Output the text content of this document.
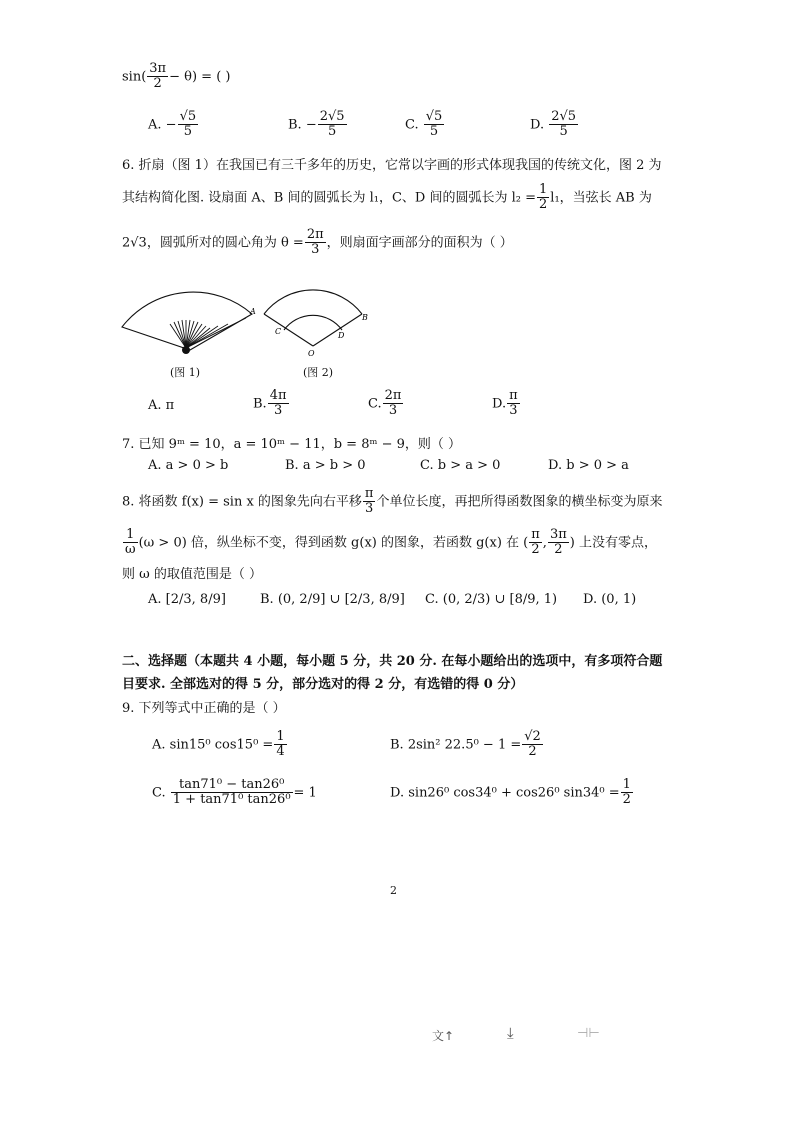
$\sin( \frac{3\pi}{2} - \theta)$ = ( )
A. − $\frac{√5}{5}$	B. − $\frac{2√5}{5}$	C. $\frac{√5}{5}$	D. $\frac{2√5}{5}$
6. 折扇（图 1）在我国已有三千多年的历史，它常以字画的形式体现我国的传统文化，图 2 为
其结构简化图. 设扇面 A、B 间的圆弧长为 l₁，C、D 间的圆弧长为 $l_2 = \frac{1}{2} l_1$，当弦长 AB 为
2√3，圆弧所对的圆心角为 $\theta = \frac{2\pi}{3}$ ，则扇面字画部分的面积为（ ）
A
B
C	D
O
(图 1)	(图 2)
A. π	B. $\frac{4\pi}{3}$	C. $\frac{2\pi}{3}$	D. $\frac{\pi}{3}$
7. 已知 9ᵐ = 10，a = 10ᵐ − 11，b = 8ᵐ − 9，则（ ）
A. a > 0 > b	B. a > b > 0	C. b > a > 0	D. b > 0 > a
8. 将函数 f(x) = sin x 的图象先向右平移 $\frac{\pi}{3}$ 个单位长度，再把所得函数图象的横坐标变为原来
$\frac{1}{\omega} (\omega > 0)$ 倍，纵坐标不变，得到函数 g(x) 的图象，若函数 g(x) 在 ( $\frac{\pi}{2}$ , $\frac{3\pi}{2}$ ) 上没有零点，
则 ω 的取值范围是（ ）
A. [2/3, 8/9]	B. (0, 2/9] ∪ [2/3, 8/9] C. (0, 2/3) ∪ [8/9, 1) D. (0, 1)
二、选择题（本题共 4 小题，每小题 5 分，共 20 分. 在每小题给出的选项中，有多项符合题
目要求. 全部选对的得 5 分，部分选对的得 2 分，有选错的得 0 分）
9. 下列等式中正确的是（ ）
A. sin15⁰ $\cos 15^0 = \frac{1}{4}$	B. 2sin² $22.5^0 - 1 = \frac{√2}{2}$
C. $\frac{\text{tan71⁰ − tan26⁰}}{\text{1 + tan71⁰ tan26⁰}} = 1$	D. sin26⁰ cos34⁰ + cos26⁰ $\sin 34^0 = \frac{1}{2}$
2
文↑	⤓	⊣⊢
